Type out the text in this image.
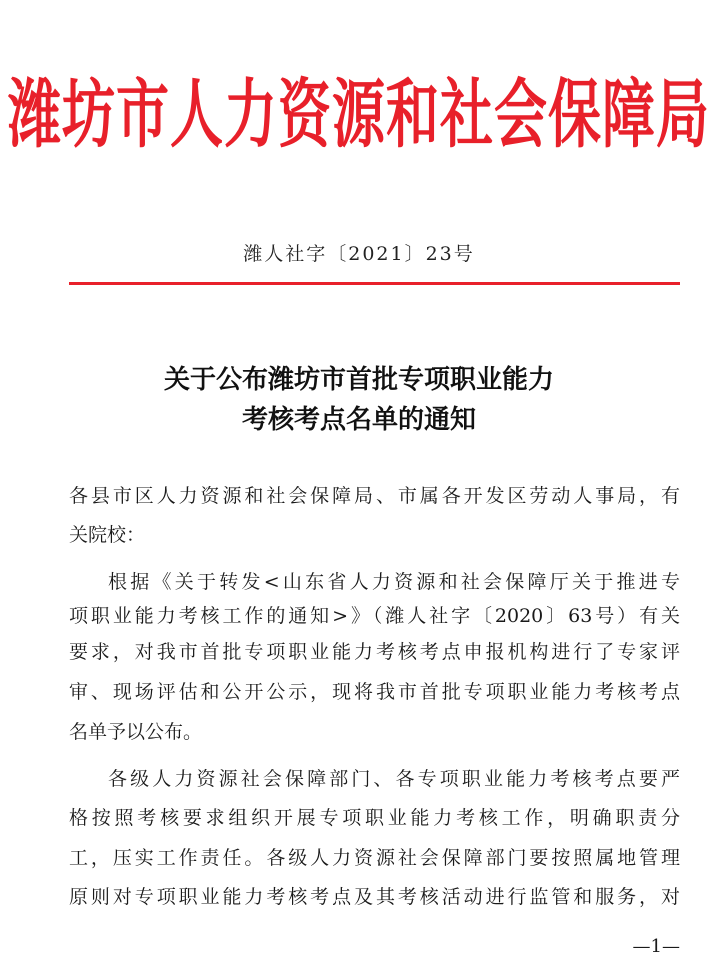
潍坊市人力资源和社会保障局
潍人社字〔2021〕23号
关于公布潍坊市首批专项职业能力
考核考点名单的通知
各县市区人力资源和社会保障局、市属各开发区劳动人事局，有
关院校：
根据《关于转发<山东省人力资源和社会保障厅关于推进专
项职业能力考核工作的通知>》（潍人社字〔2020〕63号）有关
要求，对我市首批专项职业能力考核考点申报机构进行了专家评
审、现场评估和公开公示，现将我市首批专项职业能力考核考点
名单予以公布。
各级人力资源社会保障部门、各专项职业能力考核考点要严
格按照考核要求组织开展专项职业能力考核工作，明确职责分
工，压实工作责任。各级人力资源社会保障部门要按照属地管理
原则对专项职业能力考核考点及其考核活动进行监管和服务，对
—1—
